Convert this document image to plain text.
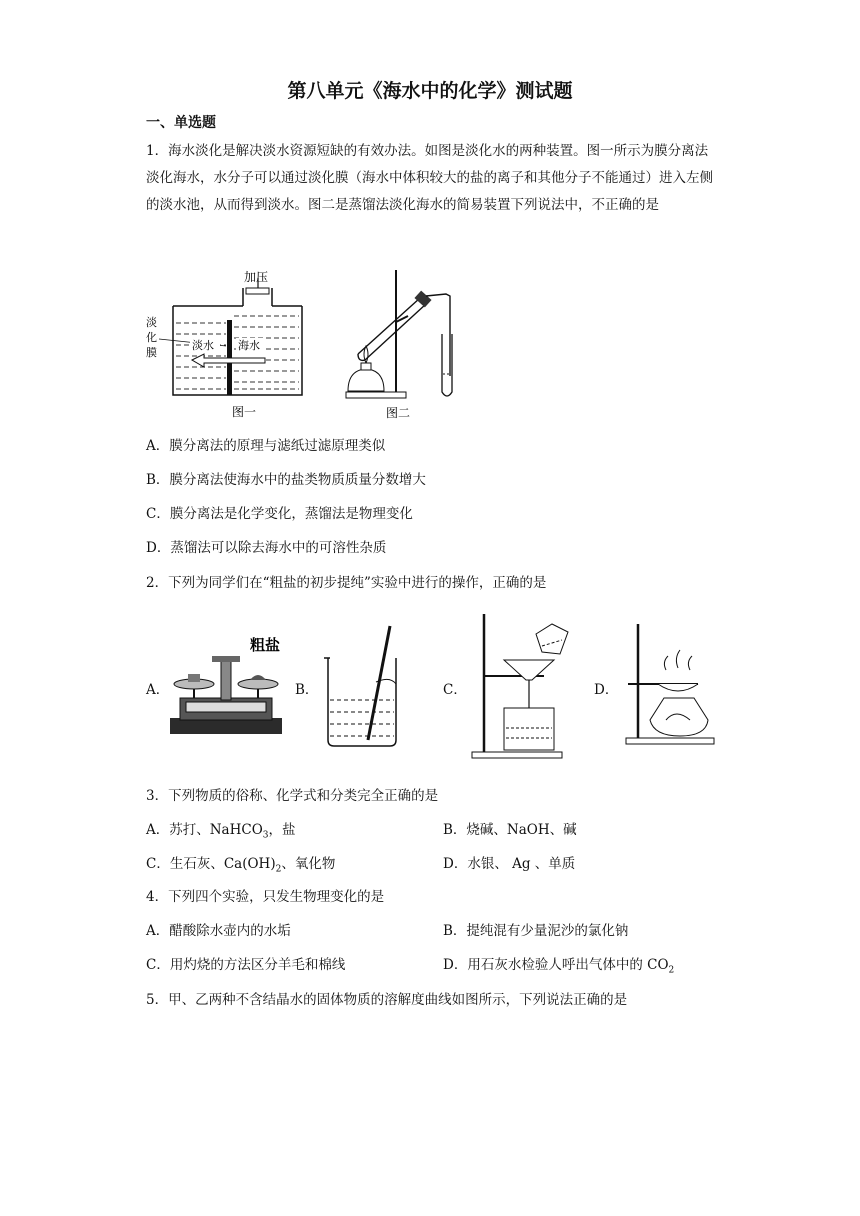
第八单元《海水中的化学》测试题
一、单选题
1．海水淡化是解决淡水资源短缺的有效办法。如图是淡化水的两种装置。图一所示为膜分离法淡化海水，水分子可以通过淡化膜（海水中体积较大的盐的离子和其他分子不能通过）进入左侧的淡水池，从而得到淡水。图二是蒸馏法淡化海水的简易装置下列说法中，不正确的是
加压
淡
化
膜
淡水 海水
图一	图二
A．膜分离法的原理与滤纸过滤原理类似
B．膜分离法使海水中的盐类物质质量分数增大
C．膜分离法是化学变化，蒸馏法是物理变化
D．蒸馏法可以除去海水中的可溶性杂质
2．下列为同学们在“粗盐的初步提纯”实验中进行的操作，正确的是
A．	B．	C．	D．
粗盐
3．下列物质的俗称、化学式和分类完全正确的是
A．苏打、NaHCO$_3$，盐	B．烧碱、NaOH、碱
C．生石灰、$Ca(OH)_2$、氧化物	D．水银、 Ag 、单质
4．下列四个实验，只发生物理变化的是
A．醋酸除水壶内的水垢	B．提纯混有少量泥沙的氯化钠
C．用灼烧的方法区分羊毛和棉线	D．用石灰水检验人呼出气体中的 $CO_2$
5．甲、乙两种不含结晶水的固体物质的溶解度曲线如图所示，下列说法正确的是
